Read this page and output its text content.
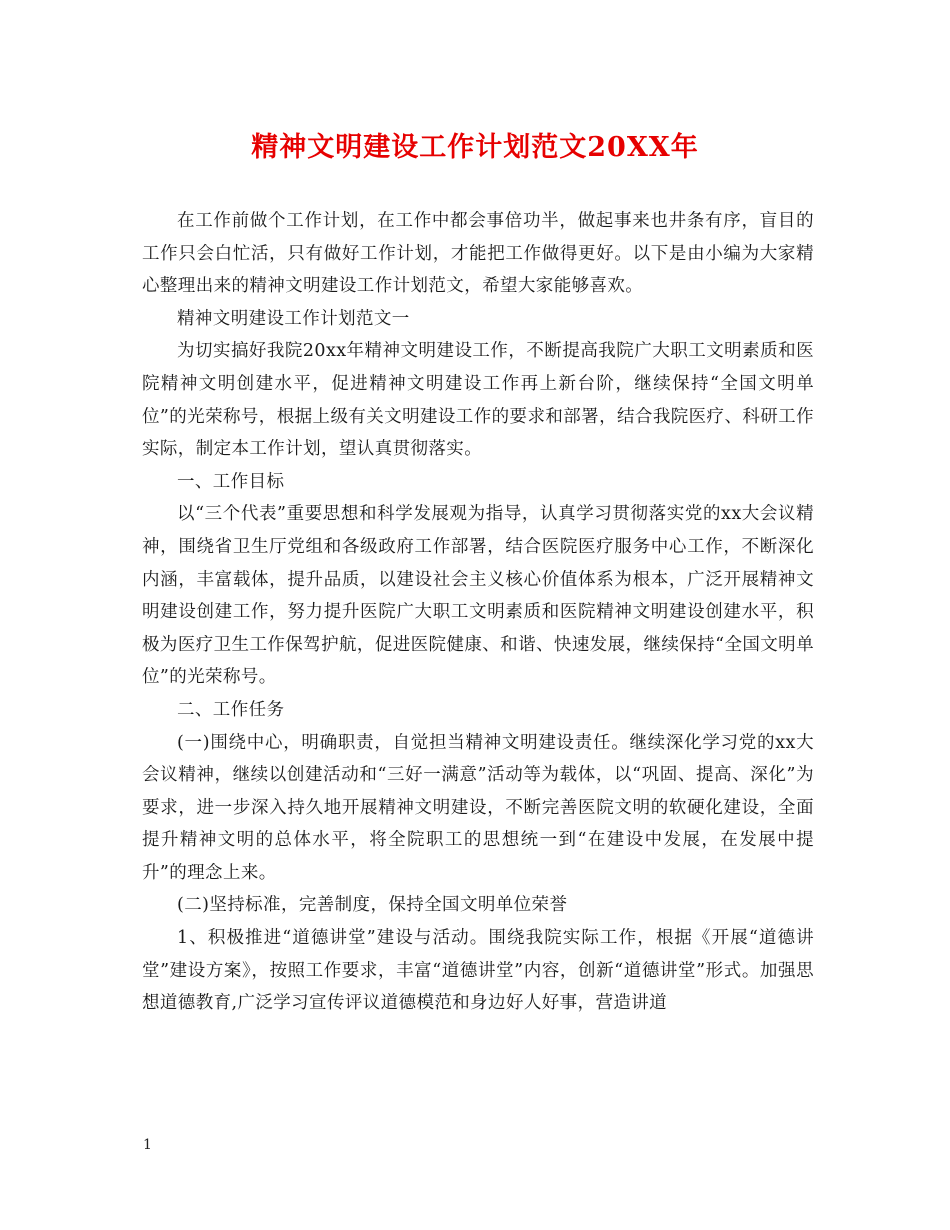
精神文明建设工作计划范文20XX年

在工作前做个工作计划，在工作中都会事倍功半，做起事来也井条有序，盲目的工作只会白忙活，只有做好工作计划，才能把工作做得更好。以下是由小编为大家精心整理出来的精神文明建设工作计划范文，希望大家能够喜欢。

精神文明建设工作计划范文一

为切实搞好我院20xx年精神文明建设工作，不断提高我院广大职工文明素质和医院精神文明创建水平，促进精神文明建设工作再上新台阶，继续保持“全国文明单位”的光荣称号，根据上级有关文明建设工作的要求和部署，结合我院医疗、科研工作实际，制定本工作计划，望认真贯彻落实。

一、工作目标

以“三个代表”重要思想和科学发展观为指导，认真学习贯彻落实党的xx大会议精神，围绕省卫生厅党组和各级政府工作部署，结合医院医疗服务中心工作，不断深化内涵，丰富载体，提升品质，以建设社会主义核心价值体系为根本，广泛开展精神文明建设创建工作，努力提升医院广大职工文明素质和医院精神文明建设创建水平，积极为医疗卫生工作保驾护航，促进医院健康、和谐、快速发展，继续保持“全国文明单位”的光荣称号。

二、工作任务

(一)围绕中心，明确职责，自觉担当精神文明建设责任。继续深化学习党的xx大会议精神，继续以创建活动和“三好一满意”活动等为载体，以“巩固、提高、深化”为要求，进一步深入持久地开展精神文明建设，不断完善医院文明的软硬化建设，全面提升精神文明的总体水平，将全院职工的思想统一到“在建设中发展，在发展中提升”的理念上来。

(二)坚持标准，完善制度，保持全国文明单位荣誉

1、积极推进“道德讲堂”建设与活动。围绕我院实际工作，根据《开展“道德讲堂”建设方案》，按照工作要求，丰富“道德讲堂”内容，创新“道德讲堂”形式。加强思想道德教育,广泛学习宣传评议道德模范和身边好人好事，营造讲道

1
